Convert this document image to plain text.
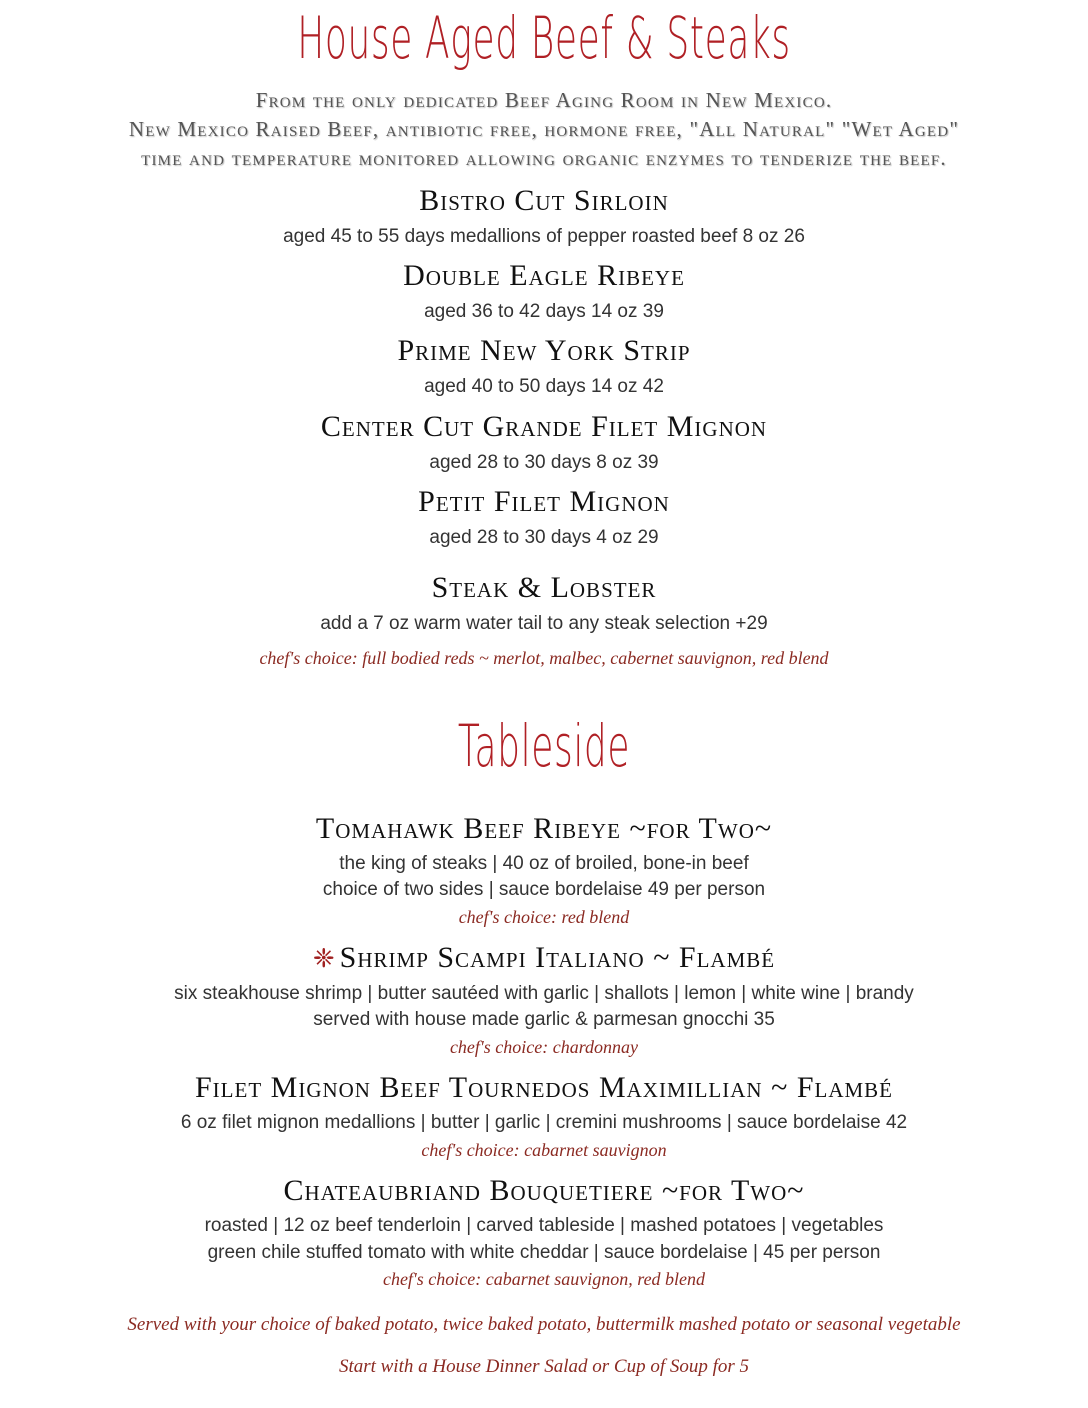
House Aged Beef & Steaks
From the only dedicated Beef Aging Room in New Mexico.
New Mexico Raised Beef, antibiotic free, hormone free, "All Natural" "Wet Aged"
time and temperature monitored allowing organic enzymes to tenderize the beef.
Bistro Cut Sirloin
aged 45 to 55 days medallions of pepper roasted beef 8 oz 26
Double Eagle Ribeye
aged 36 to 42 days 14 oz 39
Prime New York Strip
aged 40 to 50 days 14 oz 42
Center Cut Grande Filet Mignon
aged 28 to 30 days 8 oz 39
Petit Filet Mignon
aged 28 to 30 days 4 oz 29
Steak & Lobster
add a 7 oz warm water tail to any steak selection +29
chef's choice: full bodied reds ~ merlot, malbec, cabernet sauvignon, red blend
Tableside
Tomahawk Beef Ribeye ~for Two~
the king of steaks | 40 oz of broiled, bone-in beef
choice of two sides | sauce bordelaise 49 per person
chef's choice: red blend
❈ Shrimp Scampi Italiano ~ Flambé
six steakhouse shrimp | butter sautéed with garlic | shallots | lemon | white wine | brandy
served with house made garlic & parmesan gnocchi 35
chef's choice: chardonnay
Filet Mignon Beef Tournedos Maximillian ~ Flambé
6 oz filet mignon medallions | butter | garlic | cremini mushrooms | sauce bordelaise 42
chef's choice: cabarnet sauvignon
Chateaubriand Bouquetiere ~for Two~
roasted | 12 oz beef tenderloin | carved tableside | mashed potatoes | vegetables
green chile stuffed tomato with white cheddar | sauce bordelaise | 45 per person
chef's choice: cabarnet sauvignon, red blend
Served with your choice of baked potato, twice baked potato, buttermilk mashed potato or seasonal vegetable
Start with a House Dinner Salad or Cup of Soup for 5
